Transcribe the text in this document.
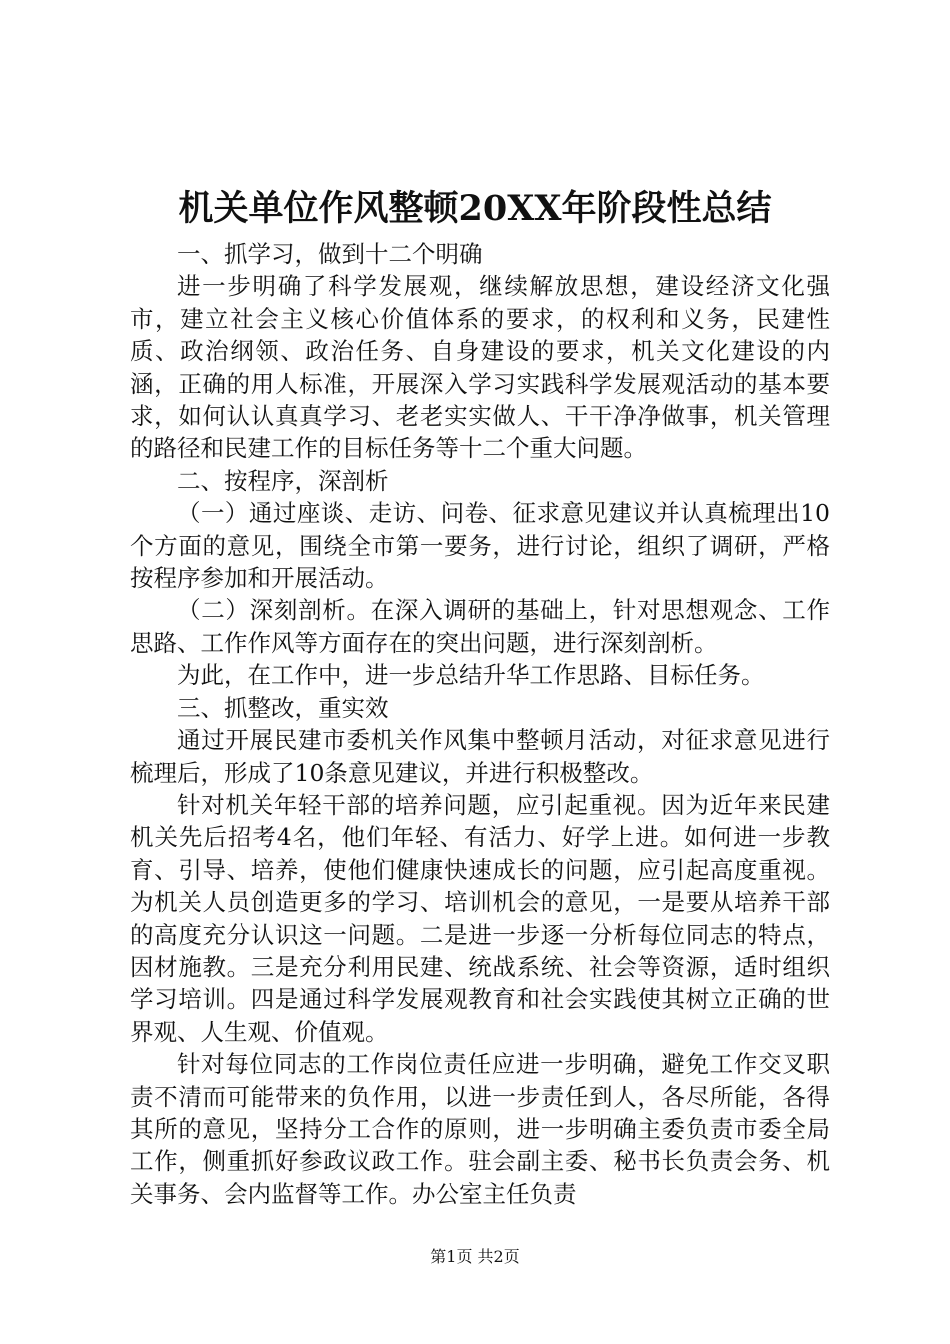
机关单位作风整顿20XX年阶段性总结

一、抓学习，做到十二个明确

进一步明确了科学发展观，继续解放思想，建设经济文化强市，建立社会主义核心价值体系的要求，的权利和义务，民建性质、政治纲领、政治任务、自身建设的要求，机关文化建设的内涵，正确的用人标准，开展深入学习实践科学发展观活动的基本要求，如何认认真真学习、老老实实做人、干干净净做事，机关管理的路径和民建工作的目标任务等十二个重大问题。

二、按程序，深剖析

（一）通过座谈、走访、问卷、征求意见建议并认真梳理出10个方面的意见，围绕全市第一要务，进行讨论，组织了调研，严格按程序参加和开展活动。

（二）深刻剖析。在深入调研的基础上，针对思想观念、工作思路、工作作风等方面存在的突出问题，进行深刻剖析。

为此，在工作中，进一步总结升华工作思路、目标任务。

三、抓整改，重实效

通过开展民建市委机关作风集中整顿月活动，对征求意见进行梳理后，形成了10条意见建议，并进行积极整改。

针对机关年轻干部的培养问题，应引起重视。因为近年来民建机关先后招考4名，他们年轻、有活力、好学上进。如何进一步教育、引导、培养，使他们健康快速成长的问题，应引起高度重视。为机关人员创造更多的学习、培训机会的意见，一是要从培养干部的高度充分认识这一问题。二是进一步逐一分析每位同志的特点，因材施教。三是充分利用民建、统战系统、社会等资源，适时组织学习培训。四是通过科学发展观教育和社会实践使其树立正确的世界观、人生观、价值观。

针对每位同志的工作岗位责任应进一步明确，避免工作交叉职责不清而可能带来的负作用，以进一步责任到人，各尽所能，各得其所的意见，坚持分工合作的原则，进一步明确主委负责市委全局工作，侧重抓好参政议政工作。驻会副主委、秘书长负责会务、机关事务、会内监督等工作。办公室主任负责

第1页 共2页
